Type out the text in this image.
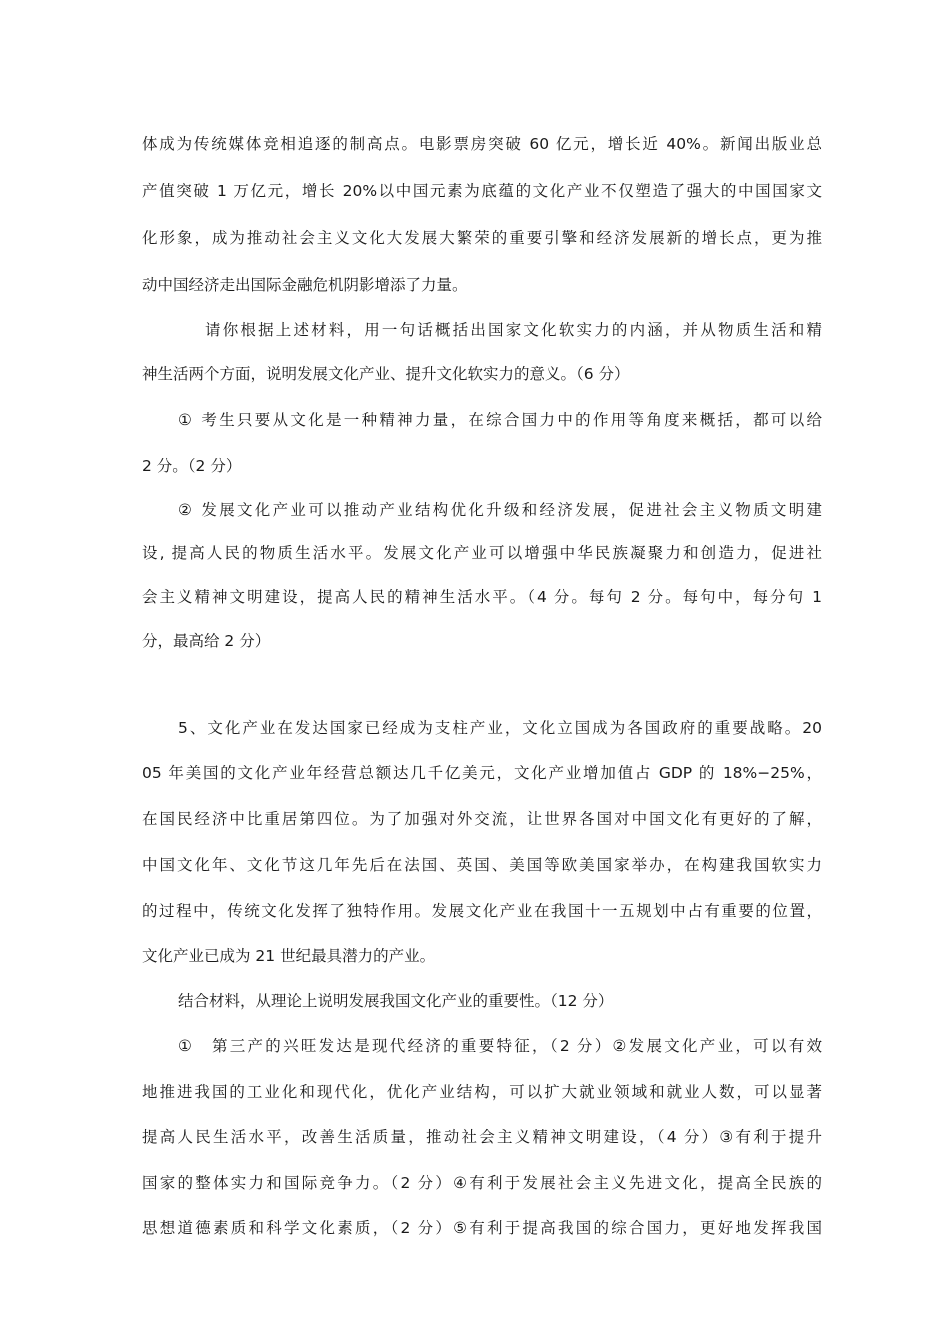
体成为传统媒体竞相追逐的制高点。电影票房突破 60 亿元，增长近 40%。新闻出版业总
产值突破 1 万亿元，增长 20%以中国元素为底蕴的文化产业不仅塑造了强大的中国国家文
化形象，成为推动社会主义文化大发展大繁荣的重要引擎和经济发展新的增长点，更为推
动中国经济走出国际金融危机阴影增添了力量。
请你根据上述材料，用一句话概括出国家文化软实力的内涵，并从物质生活和精
神生活两个方面，说明发展文化产业、提升文化软实力的意义。（6 分）
① 考生只要从文化是一种精神力量，在综合国力中的作用等角度来概括，都可以给
2 分。（2 分）
② 发展文化产业可以推动产业结构优化升级和经济发展，促进社会主义物质文明建
设, 提高人民的物质生活水平。发展文化产业可以增强中华民族凝聚力和创造力，促进社
会主义精神文明建设，提高人民的精神生活水平。（4 分。每句 2 分。每句中，每分句 1
分，最高给 2 分）
5、文化产业在发达国家已经成为支柱产业，文化立国成为各国政府的重要战略。20
05 年美国的文化产业年经营总额达几千亿美元，文化产业增加值占 GDP 的 18%−25%，
在国民经济中比重居第四位。为了加强对外交流，让世界各国对中国文化有更好的了解，
中国文化年、文化节这几年先后在法国、英国、美国等欧美国家举办，在构建我国软实力
的过程中，传统文化发挥了独特作用。发展文化产业在我国十一五规划中占有重要的位置，
文化产业已成为 21 世纪最具潜力的产业。
结合材料，从理论上说明发展我国文化产业的重要性。（12 分）
①　第三产的兴旺发达是现代经济的重要特征，（2 分）②发展文化产业，可以有效
地推进我国的工业化和现代化，优化产业结构，可以扩大就业领域和就业人数，可以显著
提高人民生活水平，改善生活质量，推动社会主义精神文明建设，（4 分）③有利于提升
国家的整体实力和国际竞争力。（2 分）④有利于发展社会主义先进文化，提高全民族的
思想道德素质和科学文化素质，（2 分）⑤有利于提高我国的综合国力，更好地发挥我国
